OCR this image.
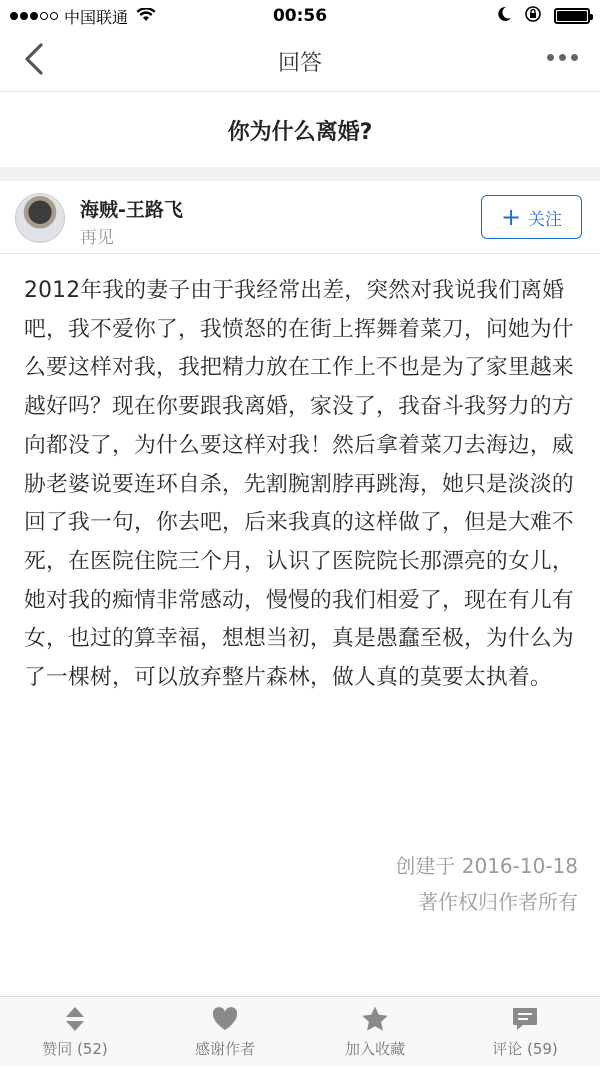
中国联通	00:56
回答
你为什么离婚?
海贼-王路飞
再见
+ 关注
2012年我的妻子由于我经常出差，突然对我说我们离婚吧，我不爱你了，我愤怒的在街上挥舞着菜刀，问她为什么要这样对我，我把精力放在工作上不也是为了家里越来越好吗？现在你要跟我离婚，家没了，我奋斗我努力的方向都没了，为什么要这样对我！然后拿着菜刀去海边，威胁老婆说要连环自杀，先割腕割脖再跳海，她只是淡淡的回了我一句，你去吧，后来我真的这样做了，但是大难不死，在医院住院三个月，认识了医院院长那漂亮的女儿，她对我的痴情非常感动，慢慢的我们相爱了，现在有儿有女，也过的算幸福，想想当初，真是愚蠢至极，为什么为了一棵树，可以放弃整片森林，做人真的莫要太执着。
创建于 2016-10-18
著作权归作者所有
赞同 (52)	感谢作者	加入收藏	评论 (59)
